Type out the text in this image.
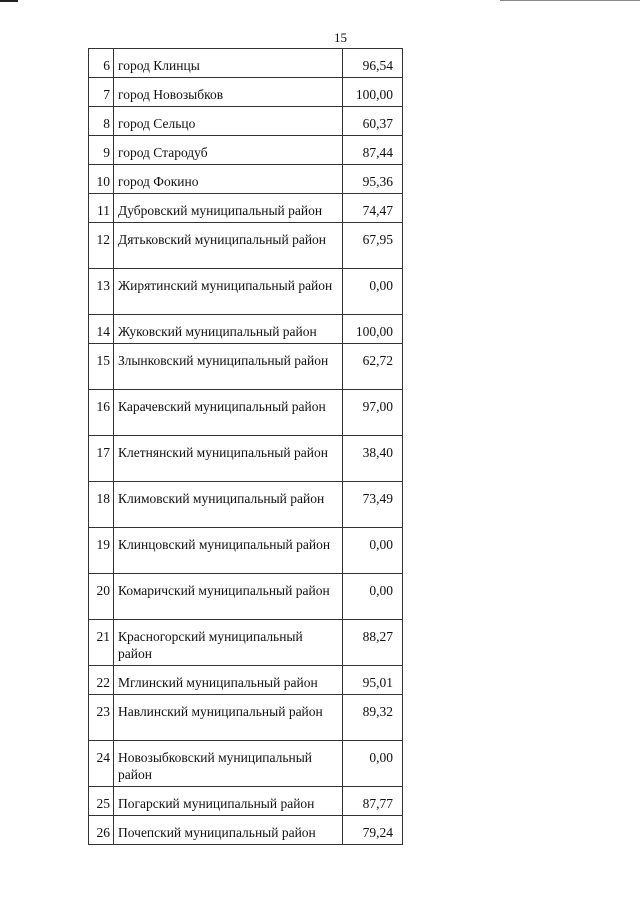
15
6	город Клинцы	96,54

7	город Новозыбков	100,00

8	город Сельцо	60,37

9	город Стародуб	87,44

10	город Фокино	95,36

11	Дубровский муниципальный район	74,47

12	Дятьковский муниципальный район	67,95

13	Жирятинский муниципальный район	0,00

14	Жуковский муниципальный район	100,00

15	Злынковский муниципальный район	62,72

16	Карачевский муниципальный район	97,00

17	Клетнянский муниципальный район	38,40

18	Климовский муниципальный район	73,49

19	Клинцовский муниципальный район	0,00

20	Комаричский муниципальный район	0,00

21	Красногорский муниципальный район	88,27

22	Мглинский муниципальный район	95,01

23	Навлинский муниципальный район	89,32

24	Новозыбковский муниципальный район	0,00

25	Погарский муниципальный район	87,77

26	Почепский муниципальный район	79,24
